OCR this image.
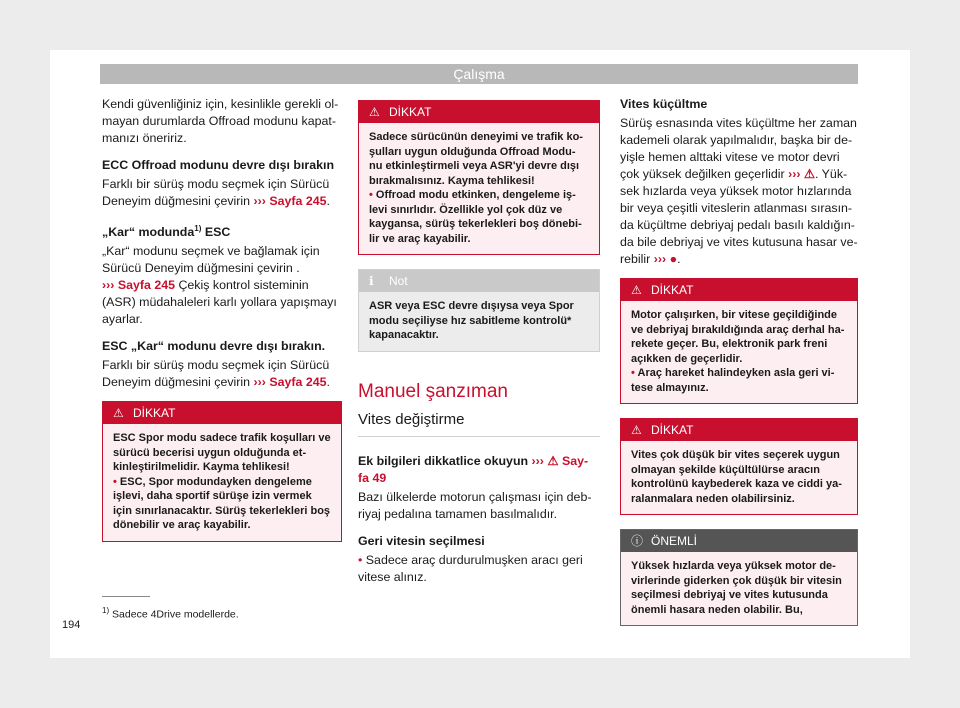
Çalışma

Kendi güvenliğiniz için, kesinlikle gerekli ol- mayan durumlarda Offroad modunu kapat- manızı öneririz.

ECC Offroad modunu devre dışı bırakın

Farklı bir sürüş modu seçmek için Sürücü Deneyim düğmesini çevirin ››› Sayfa 245.

„Kar“ modunda$^{1)}$ ESC

„Kar“ modunu seçmek ve bağlamak için Sürücü Deneyim düğmesini çevirin .
››› Sayfa 245 Çekiş kontrol sisteminin (ASR) müdahaleleri karlı yollara yapışmayı ayarlar.

ESC „Kar“ modunu devre dışı bırakın.

Farklı bir sürüş modu seçmek için Sürücü Deneyim düğmesini çevirin ››› Sayfa 245.

⚠ DİKKAT
ESC Spor modu sadece trafik koşulları ve sürücü becerisi uygun olduğunda et- kinleştirilmelidir. Kayma tehlikesi!
• ESC, Spor modundayken dengeleme işlevi, daha sportif sürüşe izin vermek için sınırlanacaktır. Sürüş tekerlekleri boş dönebilir ve araç kayabilir.
⚠ DİKKAT
Sadece sürücünün deneyimi ve trafik ko- şulları uygun olduğunda Offroad Modu- nu etkinleştirmeli veya ASR'yi devre dışı bırakmalısınız. Kayma tehlikesi!
• Offroad modu etkinken, dengeleme iş- levi sınırlıdır. Özellikle yol çok düz ve kaygansa, sürüş tekerlekleri boş dönebi- lir ve araç kayabilir.
ℹ Not
ASR veya ESC devre dışıysa veya Spor modu seçiliyse hız sabitleme kontrolü* kapanacaktır.
Manuel şanzıman
Vites değiştirme

Ek bilgileri dikkatlice okuyun ››› ⚠ Say- fa 49

Bazı ülkelerde motorun çalışması için deb- riyaj pedalına tamamen basılmalıdır.

Geri vitesin seçilmesi

• Sadece araç durdurulmuşken aracı geri vitese alınız.

Vites küçültme

Sürüş esnasında vites küçültme her zaman kademeli olarak yapılmalıdır, başka bir de- yişle hemen alttaki vitese ve motor devri çok yüksek değilken geçerlidir ››› ⚠. Yük- sek hızlarda veya yüksek motor hızlarında bir veya çeşitli viteslerin atlanması sırasın- da küçültme debriyaj pedalı basılı kaldığın- da bile debriyaj ve vites kutusuna hasar ve- rebilir ››› ●.

⚠ DİKKAT
Motor çalışırken, bir vitese geçildiğinde ve debriyaj bırakıldığında araç derhal ha- rekete geçer. Bu, elektronik park freni açıkken de geçerlidir.
• Araç hareket halindeyken asla geri vi- tese almayınız.
⚠ DİKKAT
Vites çok düşük bir vites seçerek uygun olmayan şekilde küçültülürse aracın kontrolünü kaybederek kaza ve ciddi ya- ralanmalara neden olabilirsiniz.
ⓘ ÖNEMLİ
Yüksek hızlarda veya yüksek motor de- virlerinde giderken çok düşük bir vitesin seçilmesi debriyaj ve vites kutusunda önemli hasara neden olabilir. Bu,
$^{1)}$ Sadece 4Drive modellerde.
194
